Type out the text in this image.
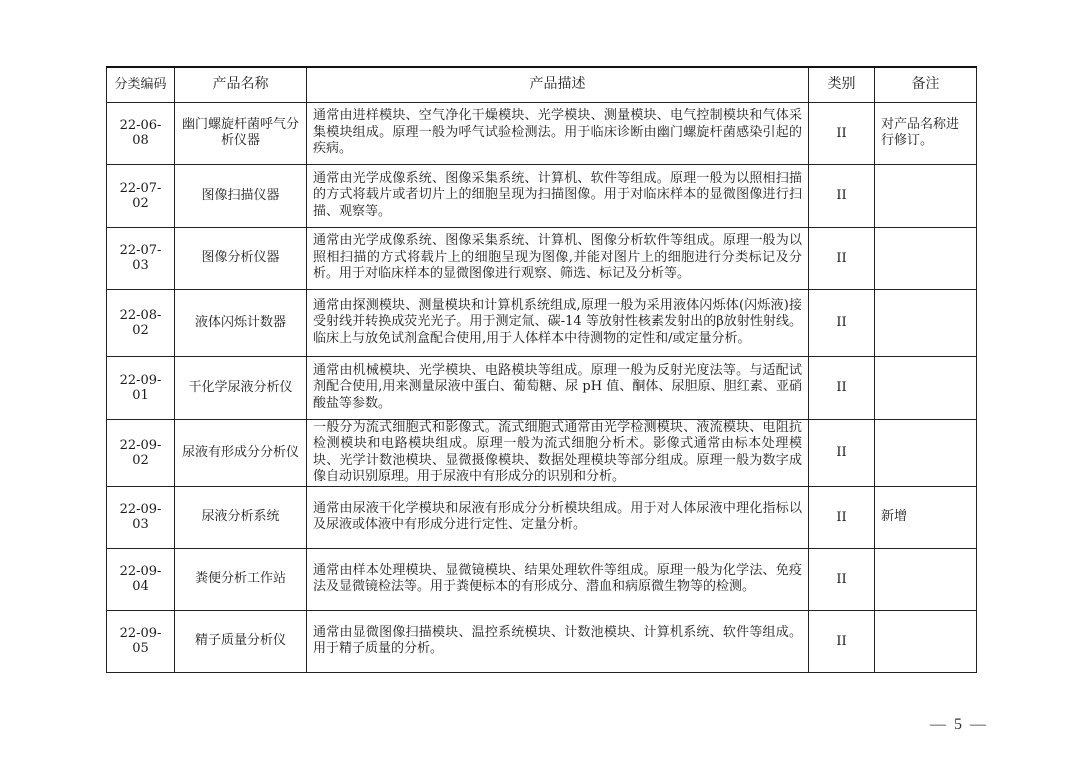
分类编码	产品名称	产品描述	类别	备注
22-06-08	幽门螺旋杆菌呼气分析仪器	通常由进样模块、空气净化干燥模块、光学模块、测量模块、电气控制模块和气体采集模块组成。原理一般为呼气试验检测法。用于临床诊断由幽门螺旋杆菌感染引起的疾病。	II	对产品名称进行修订。
22-07-02	图像扫描仪器	通常由光学成像系统、图像采集系统、计算机、软件等组成。原理一般为以照相扫描的方式将载片或者切片上的细胞呈现为扫描图像。用于对临床样本的显微图像进行扫描、观察等。	II	
22-07-03	图像分析仪器	通常由光学成像系统、图像采集系统、计算机、图像分析软件等组成。原理一般为以照相扫描的方式将载片上的细胞呈现为图像,并能对图片上的细胞进行分类标记及分析。用于对临床样本的显微图像进行观察、筛选、标记及分析等。	II	
22-08-02	液体闪烁计数器	通常由探测模块、测量模块和计算机系统组成,原理一般为采用液体闪烁体(闪烁液)接受射线并转换成荧光光子。用于测定氚、碳-14 等放射性核素发射出的β放射性射线。临床上与放免试剂盒配合使用,用于人体样本中待测物的定性和/或定量分析。	II	
22-09-01	干化学尿液分析仪	通常由机械模块、光学模块、电路模块等组成。原理一般为反射光度法等。与适配试剂配合使用,用来测量尿液中蛋白、葡萄糖、尿 pH 值、酮体、尿胆原、胆红素、亚硝酸盐等参数。	II	
22-09-02	尿液有形成分分析仪	一般分为流式细胞式和影像式。流式细胞式通常由光学检测模块、液流模块、电阻抗检测模块和电路模块组成。原理一般为流式细胞分析术。影像式通常由标本处理模块、光学计数池模块、显微摄像模块、数据处理模块等部分组成。原理一般为数字成像自动识别原理。用于尿液中有形成分的识别和分析。	II	
22-09-03	尿液分析系统	通常由尿液干化学模块和尿液有形成分分析模块组成。用于对人体尿液中理化指标以及尿液或体液中有形成分进行定性、定量分析。	II	新增
22-09-04	粪便分析工作站	通常由样本处理模块、显微镜模块、结果处理软件等组成。原理一般为化学法、免疫法及显微镜检法等。用于粪便标本的有形成分、潜血和病原微生物等的检测。	II	
22-09-05	精子质量分析仪	通常由显微图像扫描模块、温控系统模块、计数池模块、计算机系统、软件等组成。用于精子质量的分析。	II	
— 5 —
